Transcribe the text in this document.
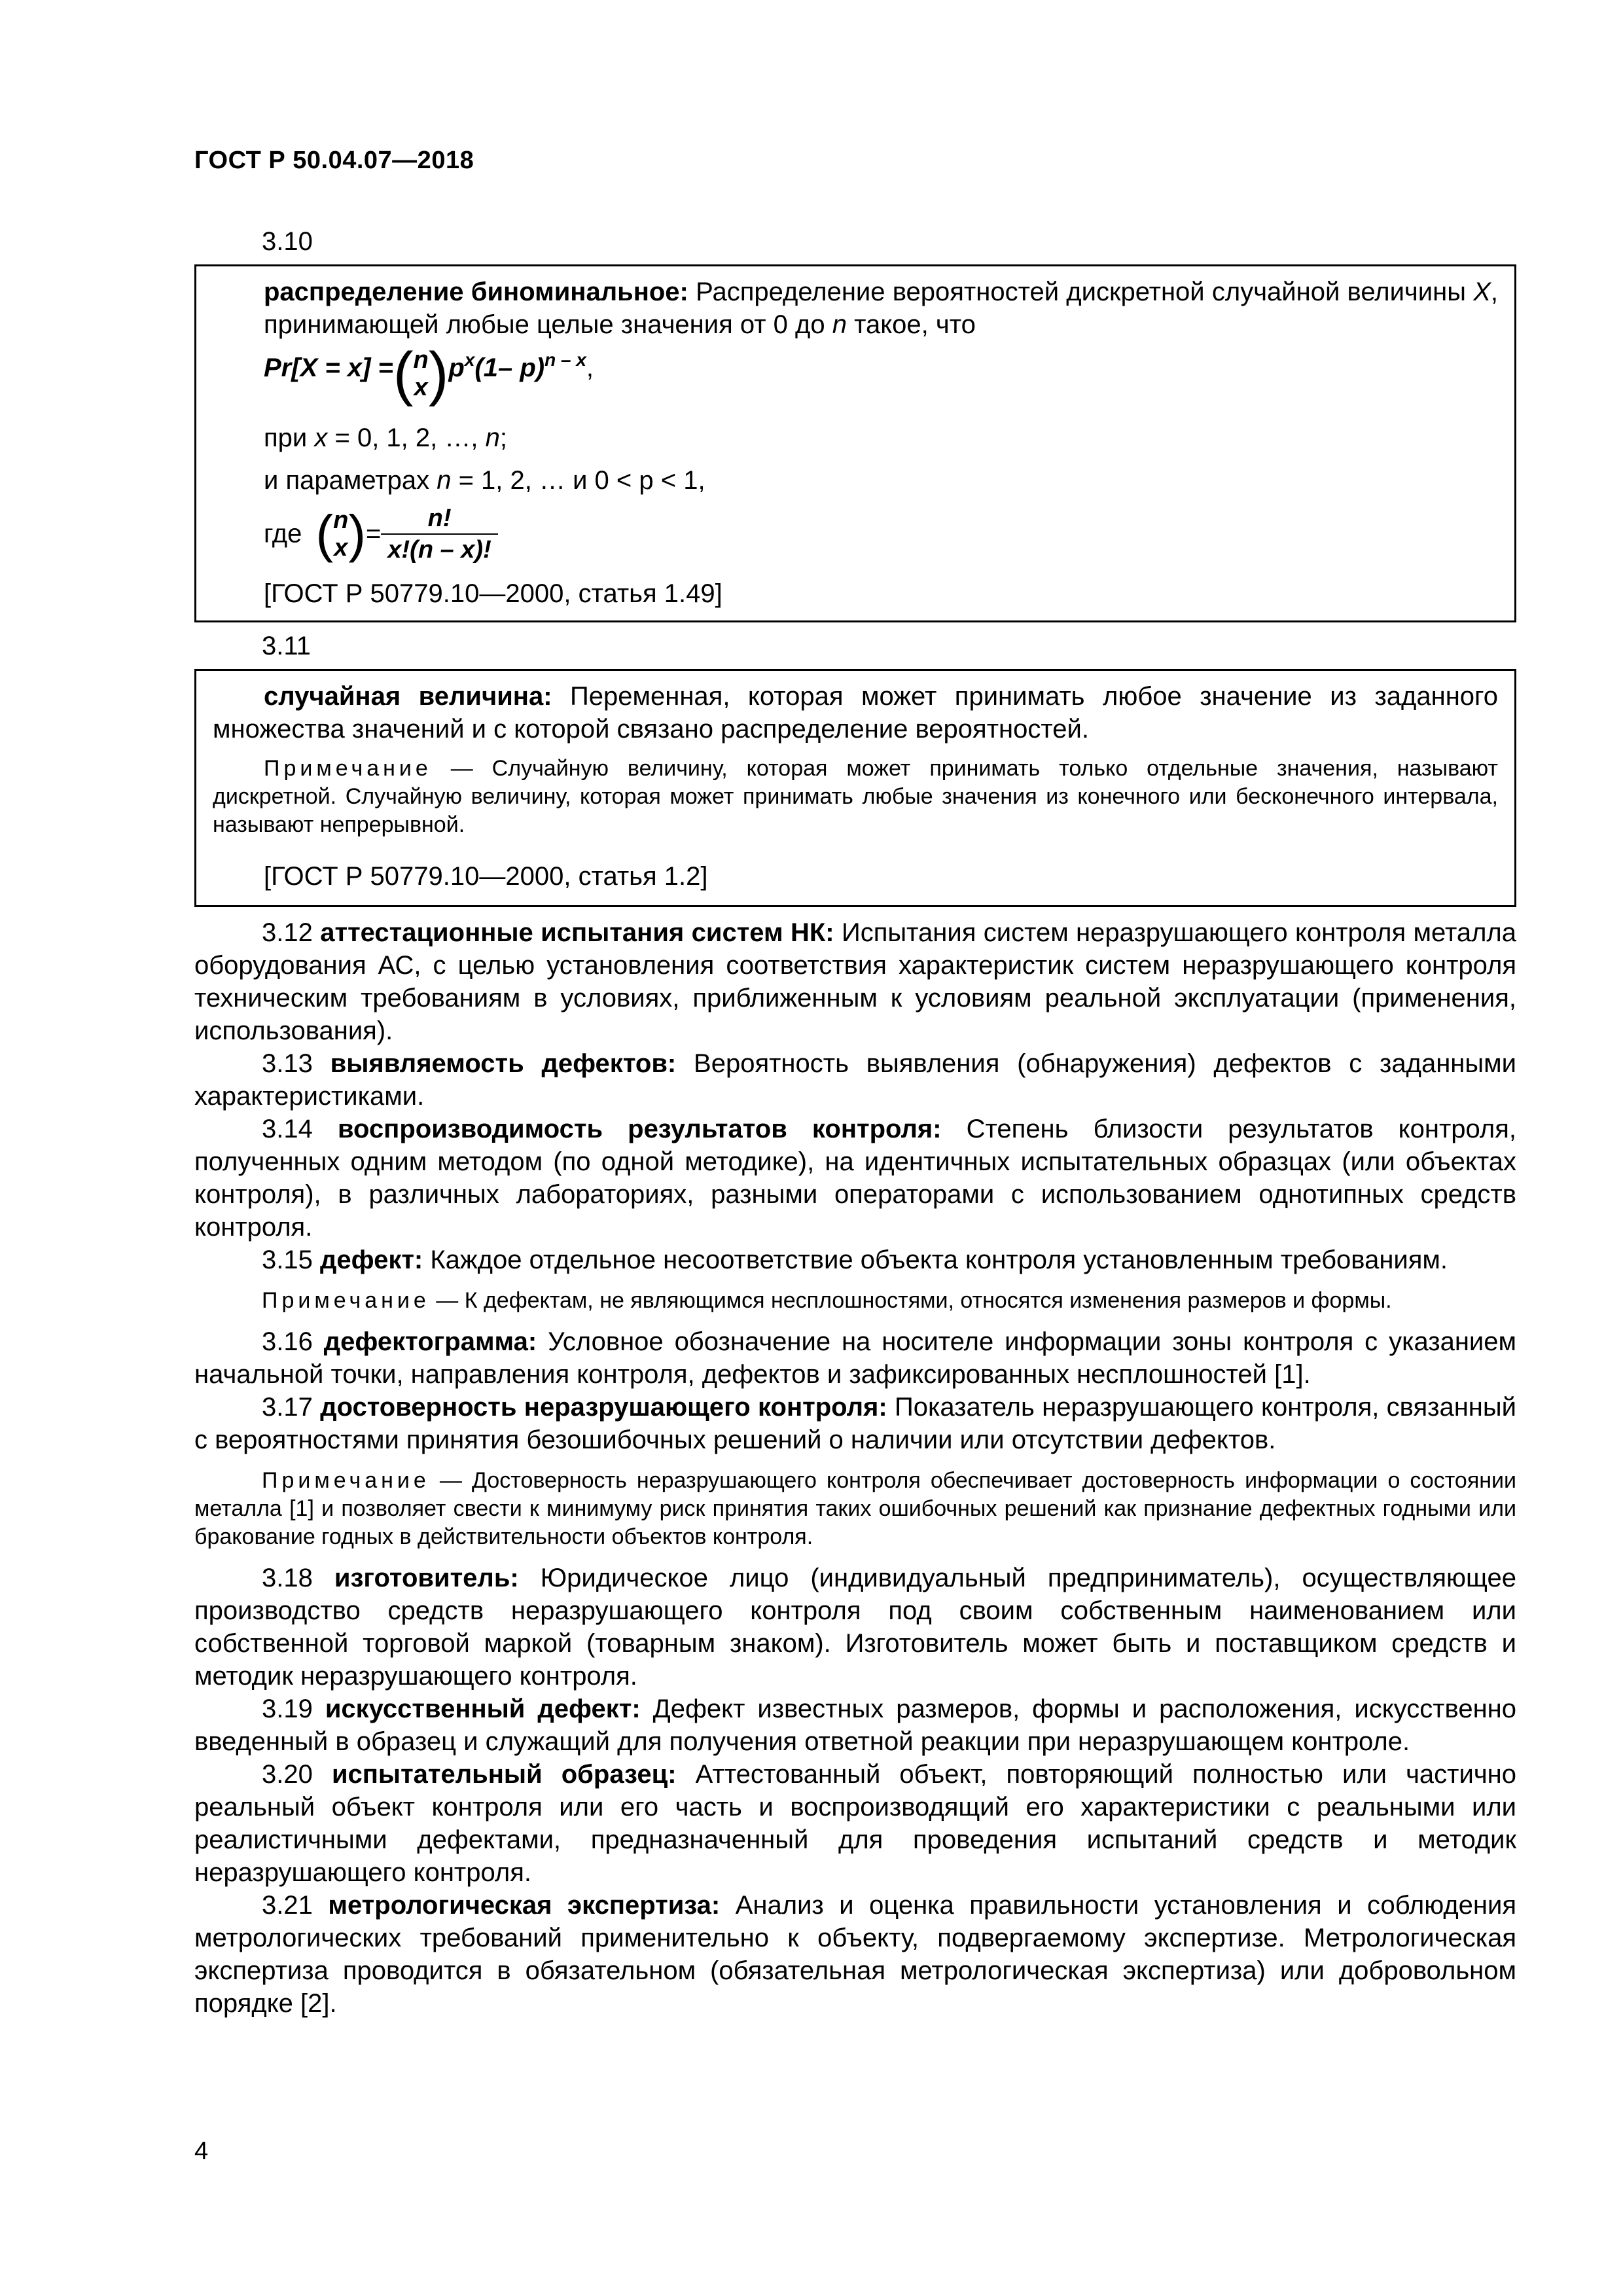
ГОСТ Р 50.04.07—2018
3.10
распределение биноминальное: Распределение вероятностей дискретной случайной величины X, принимающей любые целые значения от 0 до n такое, что
Pr[X = x] =( n
x )px(1– p)n – x,
при x = 0, 1, 2, …, n;
и параметрах n = 1, 2, … и 0 < p < 1,
где ( n
x )= $\frac{n!}{x!(n - x)!}$
[ГОСТ Р 50779.10—2000, статья 1.49]
3.11
случайная величина: Переменная, которая может принимать любое значение из заданного множества значений и с которой связано распределение вероятностей.
Примечание — Случайную величину, которая может принимать только отдельные значения, называют дискретной. Случайную величину, которая может принимать любые значения из конечного или бесконечного интервала, называют непрерывной.
[ГОСТ Р 50779.10—2000, статья 1.2]

3.12 аттестационные испытания систем НК: Испытания систем неразрушающего контроля металла оборудования АС, с целью установления соответствия характеристик систем неразрушающего контроля техническим требованиям в условиях, приближенным к условиям реальной эксплуатации (применения, использования).

3.13 выявляемость дефектов: Вероятность выявления (обнаружения) дефектов с заданными характеристиками.

3.14 воспроизводимость результатов контроля: Степень близости результатов контроля, полученных одним методом (по одной методике), на идентичных испытательных образцах (или объектах контроля), в различных лабораториях, разными операторами с использованием однотипных средств контроля.

3.15 дефект: Каждое отдельное несоответствие объекта контроля установленным требованиям.

Примечание — К дефектам, не являющимся несплошностями, относятся изменения размеров и формы.

3.16 дефектограмма: Условное обозначение на носителе информации зоны контроля с указанием начальной точки, направления контроля, дефектов и зафиксированных несплошностей [1].

3.17 достоверность неразрушающего контроля: Показатель неразрушающего контроля, связанный с вероятностями принятия безошибочных решений о наличии или отсутствии дефектов.

Примечание — Достоверность неразрушающего контроля обеспечивает достоверность информации о состоянии металла [1] и позволяет свести к минимуму риск принятия таких ошибочных решений как признание дефектных годными или бракование годных в действительности объектов контроля.

3.18 изготовитель: Юридическое лицо (индивидуальный предприниматель), осуществляющее производство средств неразрушающего контроля под своим собственным наименованием или собственной торговой маркой (товарным знаком). Изготовитель может быть и поставщиком средств и методик неразрушающего контроля.

3.19 искусственный дефект: Дефект известных размеров, формы и расположения, искусственно введенный в образец и служащий для получения ответной реакции при неразрушающем контроле.

3.20 испытательный образец: Аттестованный объект, повторяющий полностью или частично реальный объект контроля или его часть и воспроизводящий его характеристики с реальными или реалистичными дефектами, предназначенный для проведения испытаний средств и методик неразрушающего контроля.

3.21 метрологическая экспертиза: Анализ и оценка правильности установления и соблюдения метрологических требований применительно к объекту, подвергаемому экспертизе. Метрологическая экспертиза проводится в обязательном (обязательная метрологическая экспертиза) или добровольном порядке [2].

4
